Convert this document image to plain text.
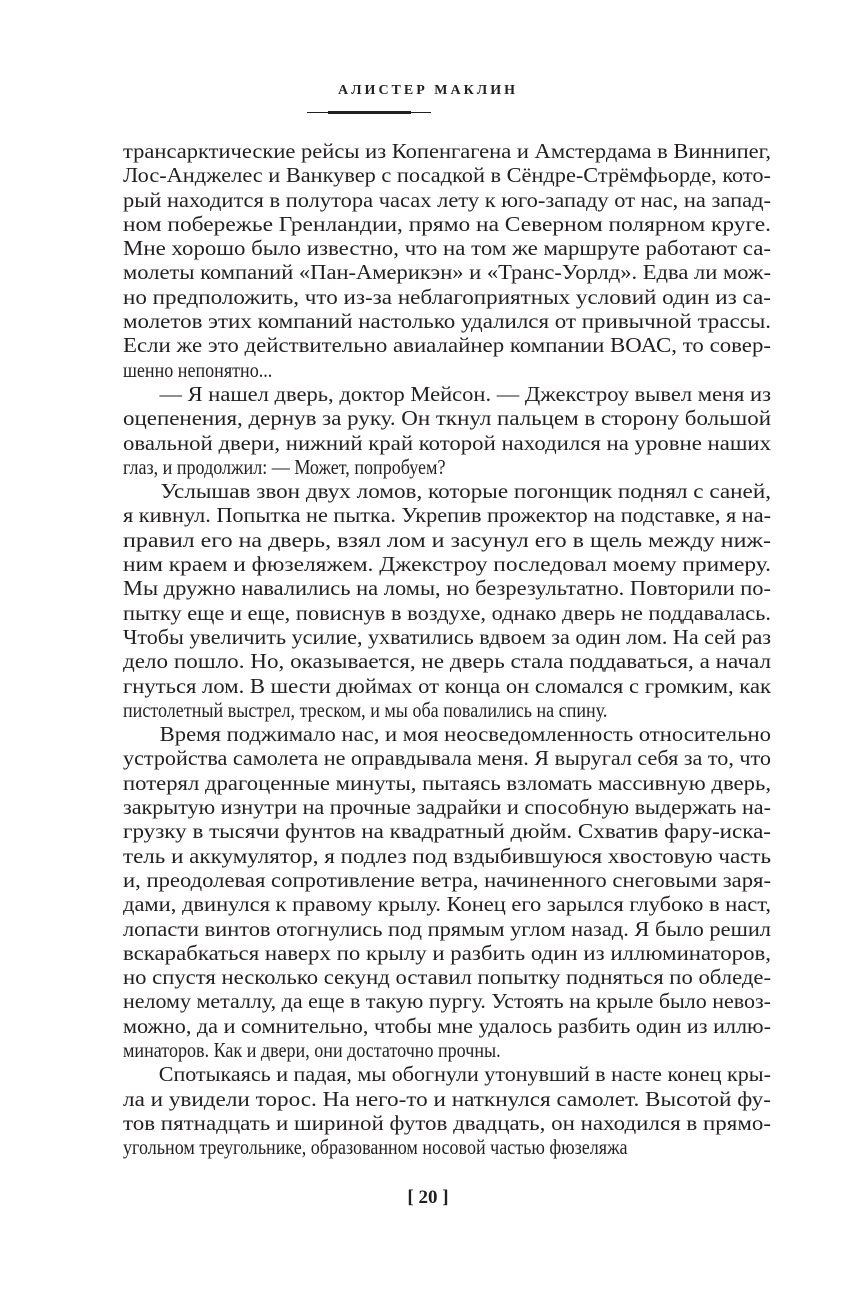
АЛИСТЕР МАКЛИН
трансарктические рейсы из Копенгагена и Амстердама в Виннипег,
Лос-Анджелес и Ванкувер с посадкой в Сёндре-Стрёмфьорде, кото-
рый находится в полутора часах лету к юго-западу от нас, на запад-
ном побережье Гренландии, прямо на Северном полярном круге.
Мне хорошо было известно, что на том же маршруте работают са-
молеты компаний «Пан-Америкэн» и «Транс-Уорлд». Едва ли мож-
но предположить, что из-за неблагоприятных условий один из са-
молетов этих компаний настолько удалился от привычной трассы.
Если же это действительно авиалайнер компании ВОАС, то совер-
шенно непонятно...
— Я нашел дверь, доктор Мейсон. — Джекстроу вывел меня из
оцепенения, дернув за руку. Он ткнул пальцем в сторону большой
овальной двери, нижний край которой находился на уровне наших
глаз, и продолжил: — Может, попробуем?
Услышав звон двух ломов, которые погонщик поднял с саней,
я кивнул. Попытка не пытка. Укрепив прожектор на подставке, я на-
правил его на дверь, взял лом и засунул его в щель между ниж-
ним краем и фюзеляжем. Джекстроу последовал моему примеру.
Мы дружно навалились на ломы, но безрезультатно. Повторили по-
пытку еще и еще, повиснув в воздухе, однако дверь не поддавалась.
Чтобы увеличить усилие, ухватились вдвоем за один лом. На сей раз
дело пошло. Но, оказывается, не дверь стала поддаваться, а начал
гнуться лом. В шести дюймах от конца он сломался с громким, как
пистолетный выстрел, треском, и мы оба повалились на спину.
Время поджимало нас, и моя неосведомленность относительно
устройства самолета не оправдывала меня. Я выругал себя за то, что
потерял драгоценные минуты, пытаясь взломать массивную дверь,
закрытую изнутри на прочные задрайки и способную выдержать на-
грузку в тысячи фунтов на квадратный дюйм. Схватив фару-иска-
тель и аккумулятор, я подлез под вздыбившуюся хвостовую часть
и, преодолевая сопротивление ветра, начиненного снеговыми заря-
дами, двинулся к правому крылу. Конец его зарылся глубоко в наст,
лопасти винтов отогнулись под прямым углом назад. Я было решил
вскарабкаться наверх по крылу и разбить один из иллюминаторов,
но спустя несколько секунд оставил попытку подняться по обледе-
нелому металлу, да еще в такую пургу. Устоять на крыле было невоз-
можно, да и сомнительно, чтобы мне удалось разбить один из иллю-
минаторов. Как и двери, они достаточно прочны.
Спотыкаясь и падая, мы обогнули утонувший в насте конец кры-
ла и увидели торос. На него-то и наткнулся самолет. Высотой фу-
тов пятнадцать и шириной футов двадцать, он находился в прямо-
угольном треугольнике, образованном носовой частью фюзеляжа
[ 20 ]
